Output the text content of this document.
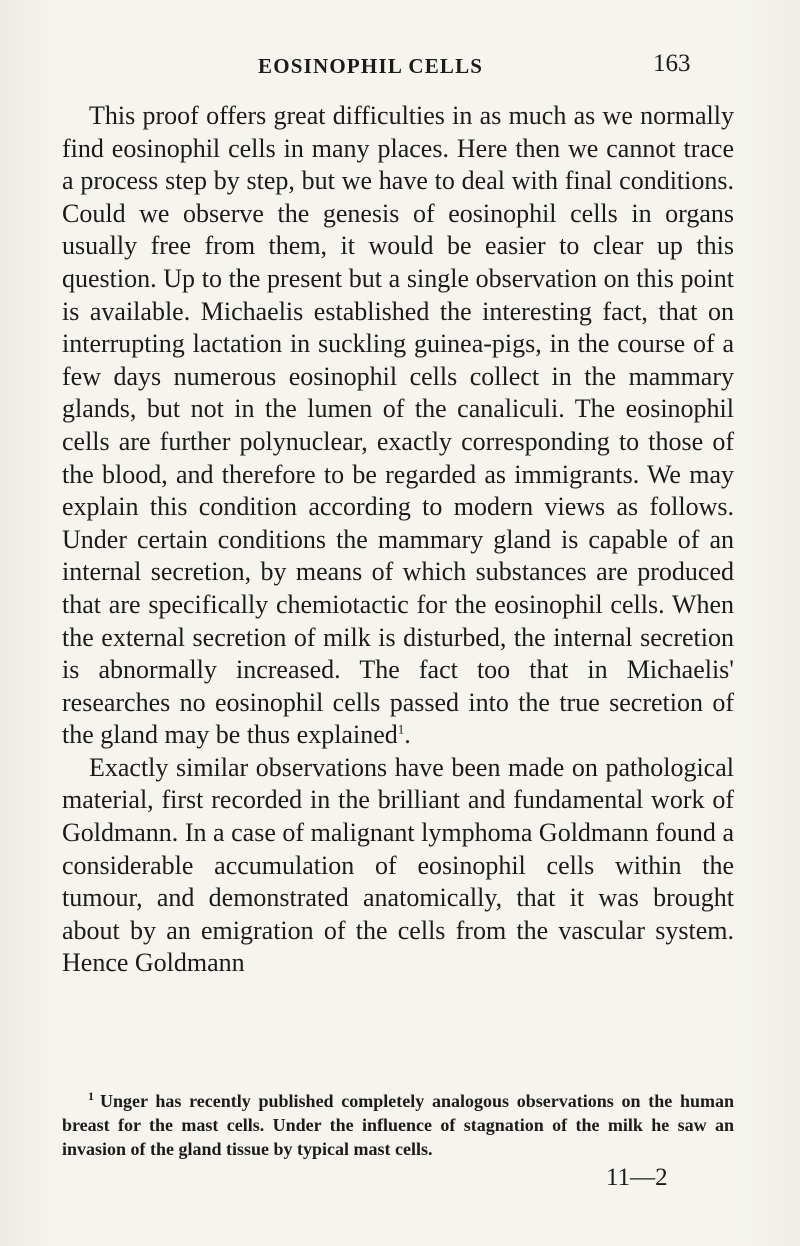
EOSINOPHIL CELLS	163

This proof offers great difficulties in as much as we normally find eosinophil cells in many places. Here then we cannot trace a process step by step, but we have to deal with final conditions. Could we observe the genesis of eosinophil cells in organs usually free from them, it would be easier to clear up this question. Up to the present but a single observation on this point is available. Michaelis established the interesting fact, that on interrupting lactation in suckling guinea-pigs, in the course of a few days numerous eosinophil cells collect in the mammary glands, but not in the lumen of the canaliculi. The eosinophil cells are further polynuclear, exactly corresponding to those of the blood, and therefore to be regarded as immigrants. We may explain this condition according to modern views as follows. Under certain conditions the mammary gland is capable of an internal secretion, by means of which substances are produced that are specifically chemiotactic for the eosinophil cells. When the external secretion of milk is disturbed, the internal secretion is abnormally increased. The fact too that in Michaelis' researches no eosinophil cells passed into the true secretion of the gland may be thus explained$^1$.

Exactly similar observations have been made on pathological material, first recorded in the brilliant and fundamental work of Goldmann. In a case of malignant lymphoma Goldmann found a considerable accumulation of eosinophil cells within the tumour, and demonstrated anatomically, that it was brought about by an emigration of the cells from the vascular system. Hence Goldmann

$^1$ Unger has recently published completely analogous observations on the human breast for the mast cells. Under the influence of stagnation of the milk he saw an invasion of the gland tissue by typical mast cells.

11—2
